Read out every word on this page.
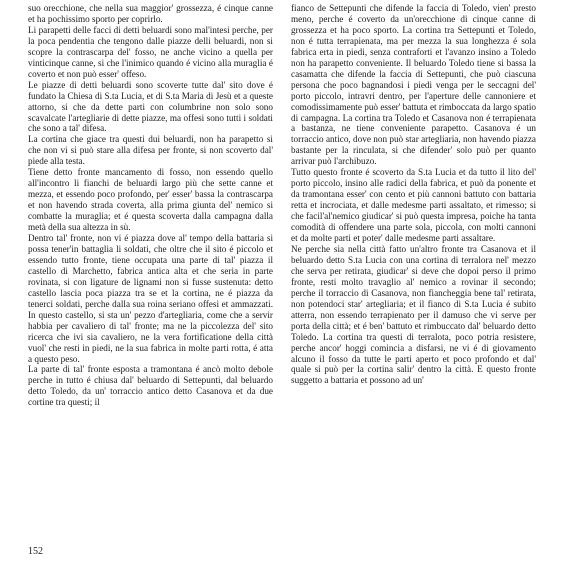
suo orecchione, che nella sua maggior' grossezza, é cinque canne et ha pochissimo sporto per coprirlo.

Li parapetti delle facci di detti beluardi sono mal'intesi perche, per la poca pendentia che tengono dalle piazze delli beluardi, non si scopre la contrascarpa del' fosso, ne anche vicino a quella per vinticinque canne, si che l'inimico quando é vicino alla muraglia é coverto et non può esser' offeso.

Le piazze di detti beluardi sono scoverte tutte dal' sito dove é fundato la Chiesa di S.ta Lucia, et di S.ta Maria di Jesù et a queste attorno, si che da dette parti con columbrine non solo sono scavalcate l'artegliarie di dette piazze, ma offesi sono tutti i soldati che sono a tal' difesa.

La cortina che giace tra questi dui beluardi, non ha parapetto si che non vi si può stare alla difesa per fronte, si non scoverto dal' piede alla testa.

Tiene detto fronte mancamento di fosso, non essendo quello all'incontro li fianchi de beluardi largo più che sette canne et mezza, et essendo poco profondo, per' esser' bassa la contrascarpa et non havendo strada coverta, alla prima giunta del' nemico si combatte la muraglia; et é questa scoverta dalla campagna dalla metà della sua altezza in sù.

Dentro tal' fronte, non vi é piazza dove al' tempo della battaria si possa tener'in battaglia li soldati, che oltre che il sito é piccolo et essendo tutto fronte, tiene occupata una parte di tal' piazza il castello di Marchetto, fabrica antica alta et che seria in parte rovinata, si con ligature de lignami non si fusse sustenuta: detto castello lascia poca piazza tra se et la cortina, ne é piazza da tenerci soldati, perche dalla sua roina seriano offesi et ammazzati. In questo castello, si sta un' pezzo d'artegliaria, come che a servir habbia per cavaliero di tal' fronte; ma ne la piccolezza del' sito ricerca che ivi sia cavaliero, ne la vera fortificatione della città vuol' che resti in piedi, ne la sua fabrica in molte parti rotta, é atta a questo peso.

La parte di tal' fronte esposta a tramontana é ancò molto debole perche in tutto é chiusa dal' beluardo di Settepunti, dal beluardo detto Toledo, da un' torraccio antico detto Casanova et da due cortine tra questi; il

fianco de Settepunti che difende la faccia di Toledo, vien' presto meno, perche é coverto da un'orecchione di cinque canne di grossezza et ha poco sporto. La cortina tra Settepunti et Toledo, non é tutta terrapienata, ma per mezza la sua longhezza é sola fabrica erta in piedi, senza contraforti et l'avanzo insino a Toledo non ha parapetto conveniente. Il beluardo Toledo tiene si bassa la casamatta che difende la faccia di Settepunti, che può ciascuna persona che poco bagnandosi i piedi venga per le seccagni del' porto piccolo, intravri dentro, per l'aperture delle cannoniere et comodissimamente può esser' battuta et rimboccata da largo spatio di campagna. La cortina tra Toledo et Casanova non é terrapienata a bastanza, ne tiene conveniente parapetto. Casanova é un torraccio antico, dove non può star artegliaria, non havendo piazza bastante per la rinculata, si che difender' solo può per quanto arrivar può l'archibuzo.

Tutto questo fronte é scoverto da S.ta Lucia et da tutto il lito del' porto piccolo, insino alle radici della fabrica, et può da ponente et da tramontana esser' con cento et più cannoni battuto con battaria retta et incrociata, et dalle medesme parti assaltato, et rimesso; si che facil'al'nemico giudicar' si può questa impresa, poiche ha tanta comodità di offendere una parte sola, piccola, con molti cannoni et da molte parti et poter' dalle medesme parti assaltare.

Ne perche sia nella città fatto un'altro fronte tra Casanova et il beluardo detto S.ta Lucia con una cortina di terralora nel' mezzo che serva per retirata, giudicar' si deve che dopoi perso il primo fronte, resti molto travaglio al' nemico a rovinar il secondo; perche il torraccio di Casanova, non fiancheggia bene tal' retirata, non potendoci star' artegliaria; et il fianco di S.ta Lucia é subito atterra, non essendo terrapienato per il damuso che vi serve per porta della città; et é ben' battuto et rimbuccato dal' beluardo detto Toledo. La cortina tra questi di terralota, poco potria resistere, perche ancor' hoggi comincia a disfarsi, ne vi é di giovamento alcuno il fosso da tutte le parti aperto et poco profondo et dal' quale si può per la cortina salir' dentro la città. E questo fronte suggetto a battaria et possono ad un'

152
